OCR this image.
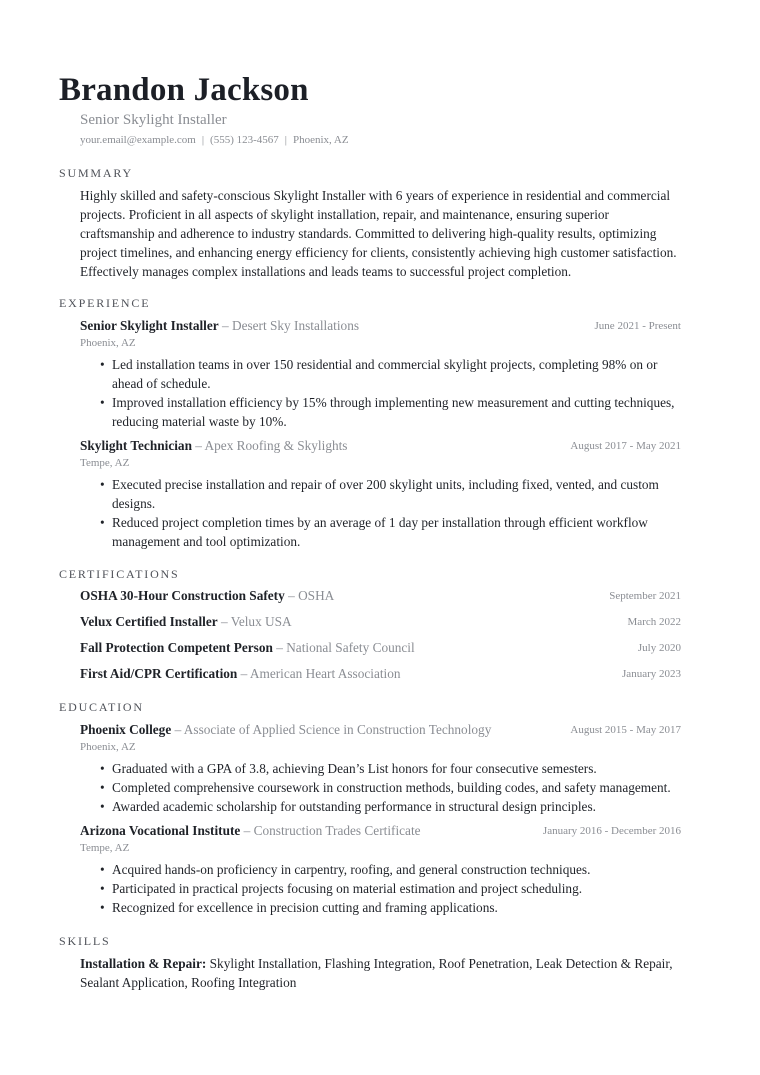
Brandon Jackson
Senior Skylight Installer
your.email@example.com | (555) 123-4567 | Phoenix, AZ
SUMMARY
Highly skilled and safety-conscious Skylight Installer with 6 years of experience in residential and commercial projects. Proficient in all aspects of skylight installation, repair, and maintenance, ensuring superior craftsmanship and adherence to industry standards. Committed to delivering high-quality results, optimizing project timelines, and enhancing energy efficiency for clients, consistently achieving high customer satisfaction. Effectively manages complex installations and leads teams to successful project completion.
EXPERIENCE
Senior Skylight Installer – Desert Sky Installations	June 2021 - Present
Phoenix, AZ
• Led installation teams in over 150 residential and commercial skylight projects, completing 98% on or ahead of schedule.
• Improved installation efficiency by 15% through implementing new measurement and cutting techniques, reducing material waste by 10%.
Skylight Technician – Apex Roofing & Skylights	August 2017 - May 2021
Tempe, AZ
• Executed precise installation and repair of over 200 skylight units, including fixed, vented, and custom designs.
• Reduced project completion times by an average of 1 day per installation through efficient workflow management and tool optimization.
CERTIFICATIONS
OSHA 30-Hour Construction Safety – OSHA	September 2021
Velux Certified Installer – Velux USA	March 2022
Fall Protection Competent Person – National Safety Council	July 2020
First Aid/CPR Certification – American Heart Association	January 2023
EDUCATION
Phoenix College – Associate of Applied Science in Construction Technology	August 2015 - May 2017
Phoenix, AZ
• Graduated with a GPA of 3.8, achieving Dean’s List honors for four consecutive semesters.
• Completed comprehensive coursework in construction methods, building codes, and safety management.
• Awarded academic scholarship for outstanding performance in structural design principles.
Arizona Vocational Institute – Construction Trades Certificate	January 2016 - December 2016
Tempe, AZ
• Acquired hands-on proficiency in carpentry, roofing, and general construction techniques.
• Participated in practical projects focusing on material estimation and project scheduling.
• Recognized for excellence in precision cutting and framing applications.
SKILLS
Installation & Repair: Skylight Installation, Flashing Integration, Roof Penetration, Leak Detection & Repair, Sealant Application, Roofing Integration
